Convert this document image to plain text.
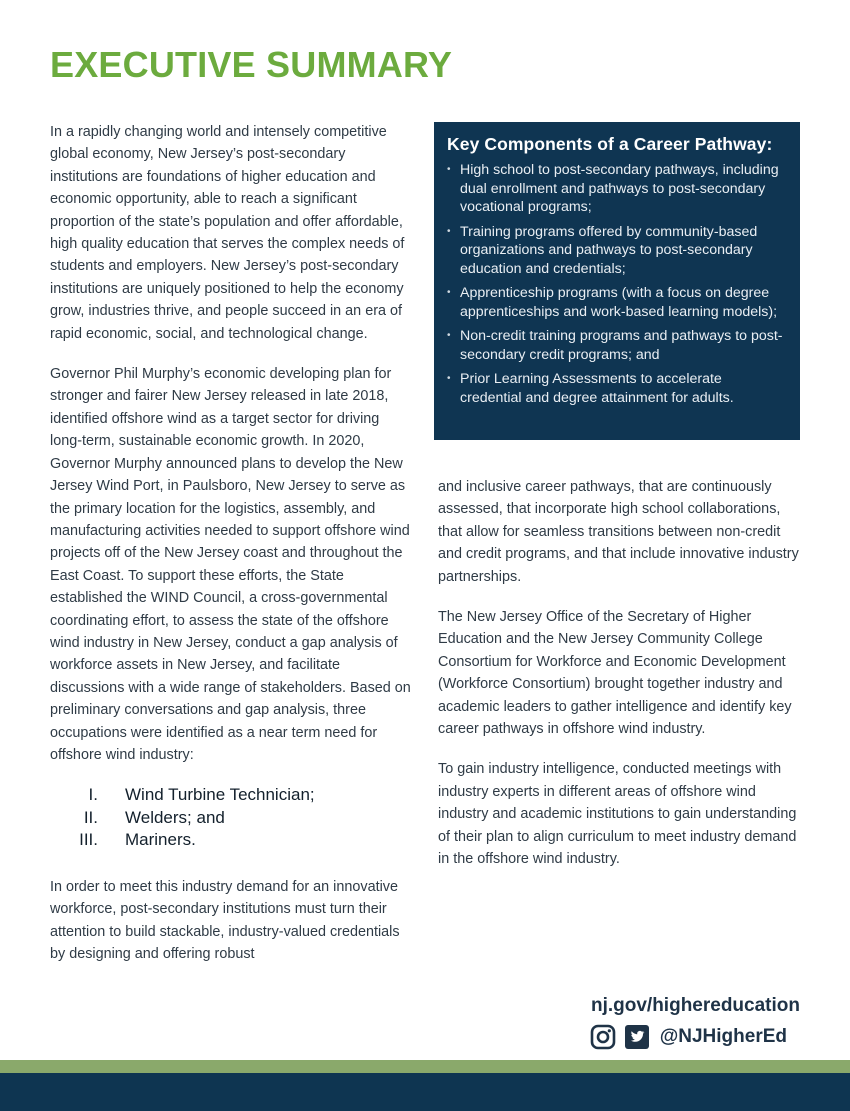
EXECUTIVE SUMMARY

In a rapidly changing world and intensely competitive global economy, New Jersey’s post-secondary institutions are foundations of higher education and economic opportunity, able to reach a significant proportion of the state’s population and offer affordable, high quality education that serves the complex needs of students and employers. New Jersey’s post-secondary institutions are uniquely positioned to help the economy grow, industries thrive, and people succeed in an era of rapid economic, social, and technological change.

Governor Phil Murphy’s economic developing plan for stronger and fairer New Jersey released in late 2018, identified offshore wind as a target sector for driving long-term, sustainable economic growth. In 2020, Governor Murphy announced plans to develop the New Jersey Wind Port, in Paulsboro, New Jersey to serve as the primary location for the logistics, assembly, and manufacturing activities needed to support offshore wind projects off of the New Jersey coast and throughout the East Coast. To support these efforts, the State established the WIND Council, a cross-governmental coordinating effort, to assess the state of the offshore wind industry in New Jersey, conduct a gap analysis of workforce assets in New Jersey, and facilitate discussions with a wide range of stakeholders. Based on preliminary conversations and gap analysis, three occupations were identified as a near term need for offshore wind industry:

I. Wind Turbine Technician;
II. Welders; and
III. Mariners.

In order to meet this industry demand for an innovative workforce, post-secondary institutions must turn their attention to build stackable, industry-valued credentials by designing and offering robust

Key Components of a Career Pathway:
• High school to post-secondary pathways, including dual enrollment and pathways to post-secondary vocational programs;
• Training programs offered by community-based organizations and pathways to post-secondary education and credentials;
• Apprenticeship programs (with a focus on degree apprenticeships and work-based learning models);
• Non-credit training programs and pathways to post-secondary credit programs; and
• Prior Learning Assessments to accelerate credential and degree attainment for adults.

and inclusive career pathways, that are continuously assessed, that incorporate high school collaborations, that allow for seamless transitions between non-credit and credit programs, and that include innovative industry partnerships.

The New Jersey Office of the Secretary of Higher Education and the New Jersey Community College Consortium for Workforce and Economic Development (Workforce Consortium) brought together industry and academic leaders to gather intelligence and identify key career pathways in offshore wind industry.

To gain industry intelligence, conducted meetings with industry experts in different areas of offshore wind industry and academic institutions to gain understanding of their plan to align curriculum to meet industry demand in the offshore wind industry.

nj.gov/highereducation
@NJHigherEd
